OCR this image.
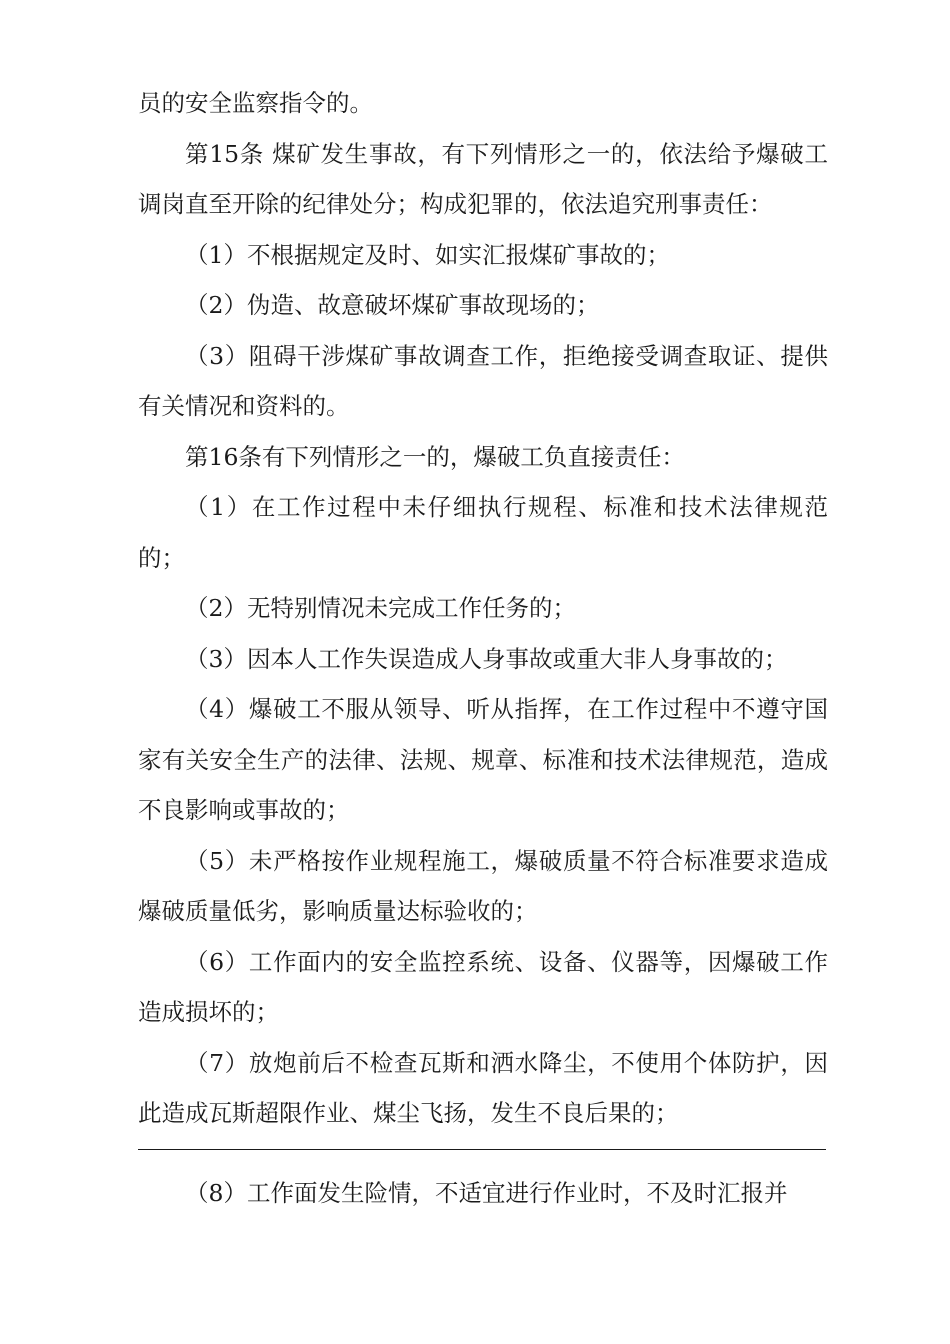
员的安全监察指令的。

第15条 煤矿发生事故，有下列情形之一的，依法给予爆破工调岗直至开除的纪律处分；构成犯罪的，依法追究刑事责任：

（1）不根据规定及时、如实汇报煤矿事故的；

（2）伪造、故意破坏煤矿事故现场的；

（3）阻碍干涉煤矿事故调查工作，拒绝接受调查取证、提供有关情况和资料的。

第16条有下列情形之一的，爆破工负直接责任：

（1）在工作过程中未仔细执行规程、标准和技术法律规范的；

（2）无特别情况未完成工作任务的；

（3）因本人工作失误造成人身事故或重大非人身事故的；

（4）爆破工不服从领导、听从指挥，在工作过程中不遵守国家有关安全生产的法律、法规、规章、标准和技术法律规范，造成不良影响或事故的；

（5）未严格按作业规程施工，爆破质量不符合标准要求造成爆破质量低劣，影响质量达标验收的；

（6）工作面内的安全监控系统、设备、仪器等，因爆破工作造成损坏的；

（7）放炮前后不检查瓦斯和洒水降尘，不使用个体防护，因此造成瓦斯超限作业、煤尘飞扬，发生不良后果的；

（8）工作面发生险情，不适宜进行作业时，不及时汇报并
